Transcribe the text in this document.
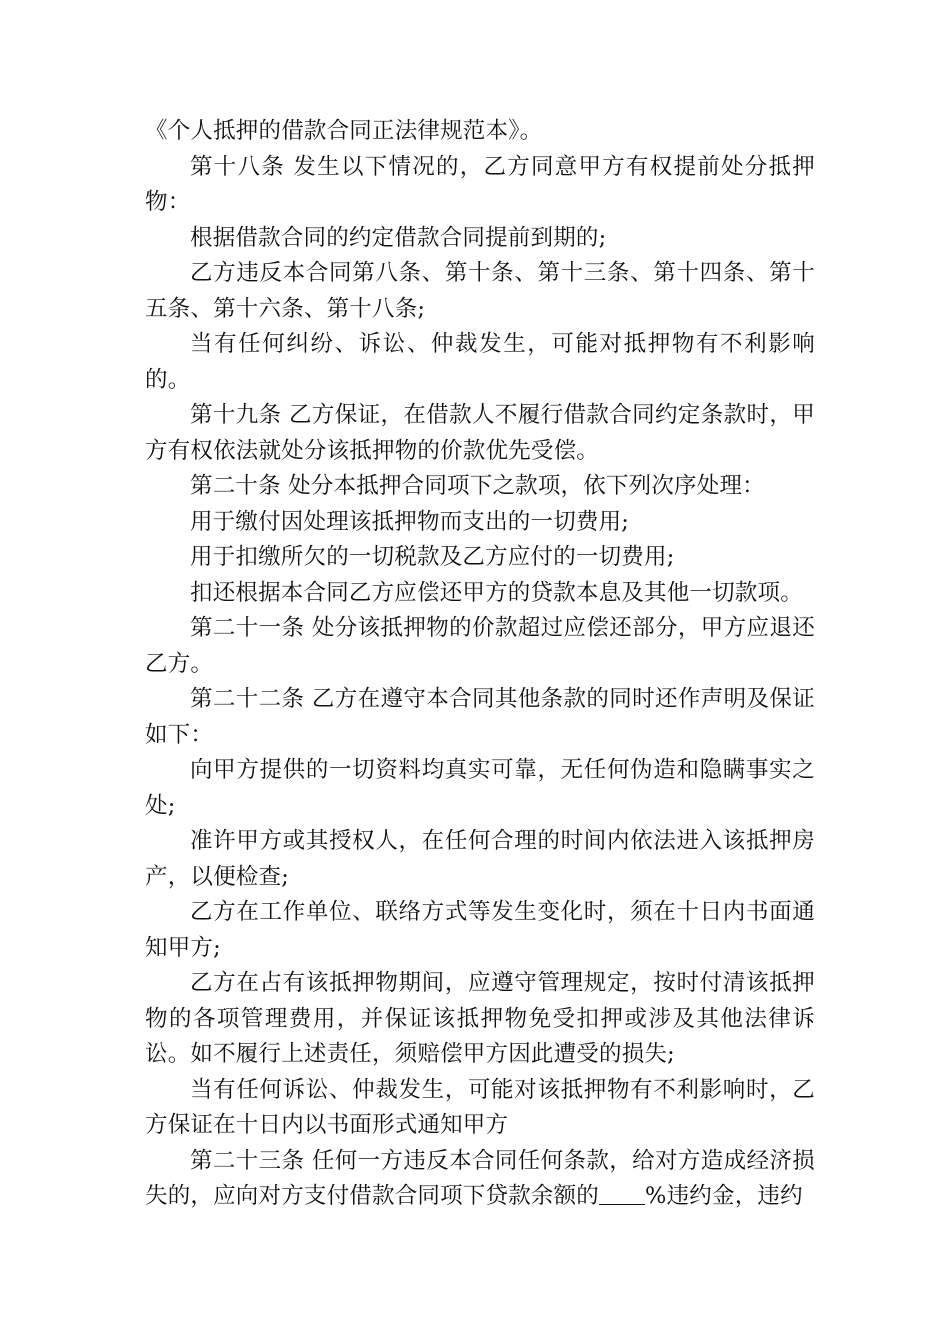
《个人抵押的借款合同正法律规范本》。

第十八条 发生以下情况的，乙方同意甲方有权提前处分抵押物：

根据借款合同的约定借款合同提前到期的;

乙方违反本合同第八条、第十条、第十三条、第十四条、第十五条、第十六条、第十八条;

当有任何纠纷、诉讼、仲裁发生，可能对抵押物有不利影响的。

第十九条 乙方保证，在借款人不履行借款合同约定条款时，甲方有权依法就处分该抵押物的价款优先受偿。

第二十条 处分本抵押合同项下之款项，依下列次序处理：

用于缴付因处理该抵押物而支出的一切费用;

用于扣缴所欠的一切税款及乙方应付的一切费用;

扣还根据本合同乙方应偿还甲方的贷款本息及其他一切款项。

第二十一条 处分该抵押物的价款超过应偿还部分，甲方应退还乙方。

第二十二条 乙方在遵守本合同其他条款的同时还作声明及保证如下：

向甲方提供的一切资料均真实可靠，无任何伪造和隐瞒事实之处;

准许甲方或其授权人，在任何合理的时间内依法进入该抵押房产，以便检查;

乙方在工作单位、联络方式等发生变化时，须在十日内书面通知甲方;

乙方在占有该抵押物期间，应遵守管理规定，按时付清该抵押物的各项管理费用，并保证该抵押物免受扣押或涉及其他法律诉讼。如不履行上述责任，须赔偿甲方因此遭受的损失;

当有任何诉讼、仲裁发生，可能对该抵押物有不利影响时，乙方保证在十日内以书面形式通知甲方

第二十三条 任何一方违反本合同任何条款，给对方造成经济损失的，应向对方支付借款合同项下贷款余额的 %违约金，违约
